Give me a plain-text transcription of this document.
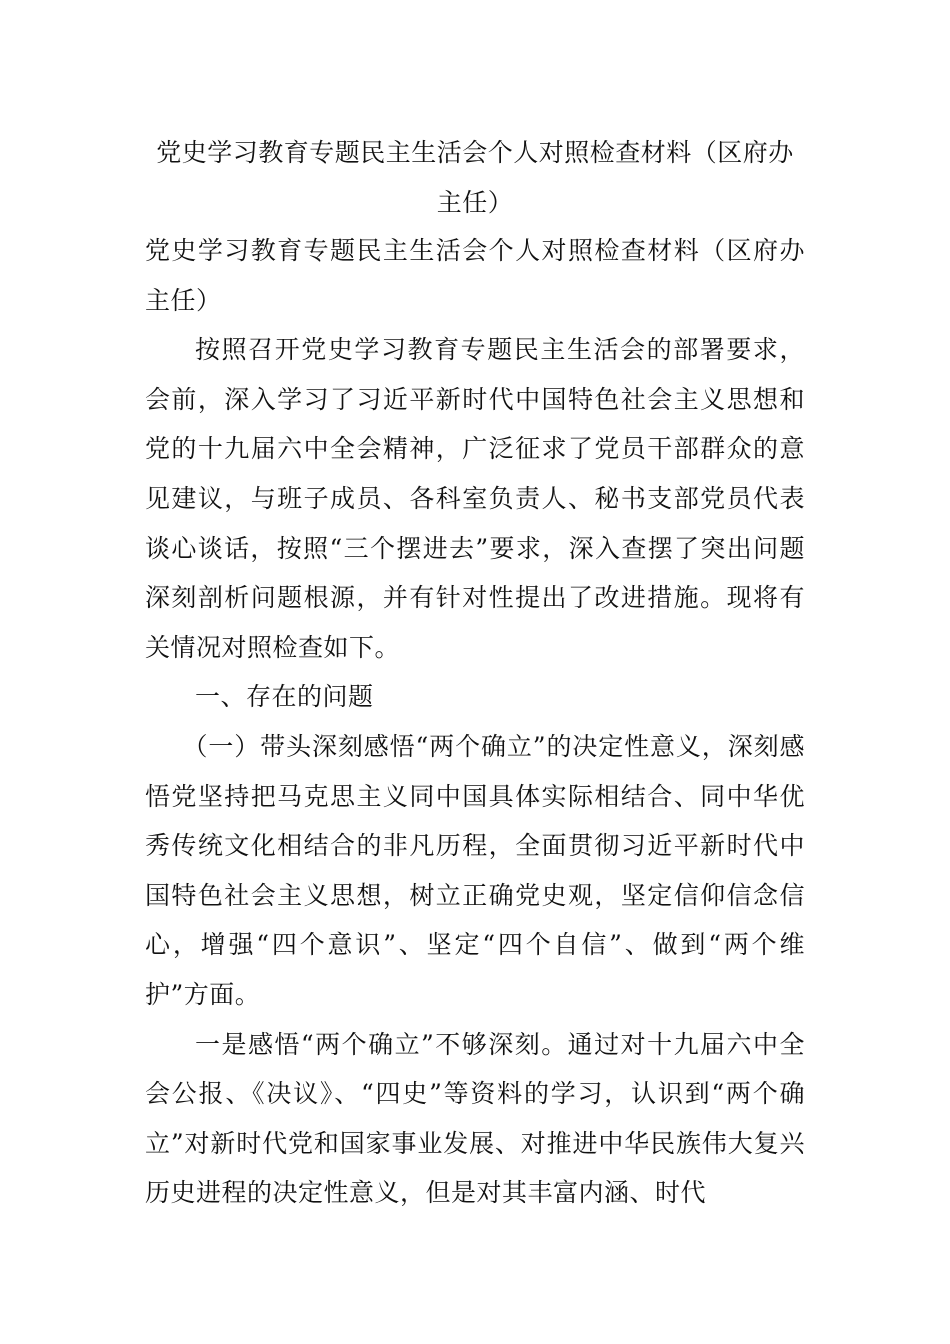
党史学习教育专题民主生活会个人对照检查材料（区府办主任）

党史学习教育专题民主生活会个人对照检查材料（区府办主任）

按照召开党史学习教育专题民主生活会的部署要求，会前，深入学习了习近平新时代中国特色社会主义思想和党的十九届六中全会精神，广泛征求了党员干部群众的意见建议，与班子成员、各科室负责人、秘书支部党员代表谈心谈话，按照“三个摆进去”要求，深入查摆了突出问题深刻剖析问题根源，并有针对性提出了改进措施。现将有关情况对照检查如下。

一、存在的问题

（一）带头深刻感悟“两个确立”的决定性意义，深刻感悟党坚持把马克思主义同中国具体实际相结合、同中华优秀传统文化相结合的非凡历程，全面贯彻习近平新时代中国特色社会主义思想，树立正确党史观，坚定信仰信念信心，增强“四个意识”、坚定“四个自信”、做到“两个维护”方面。

一是感悟“两个确立”不够深刻。通过对十九届六中全会公报、《决议》、“四史”等资料的学习，认识到“两个确立”对新时代党和国家事业发展、对推进中华民族伟大复兴历史进程的决定性意义，但是对其丰富内涵、时代
